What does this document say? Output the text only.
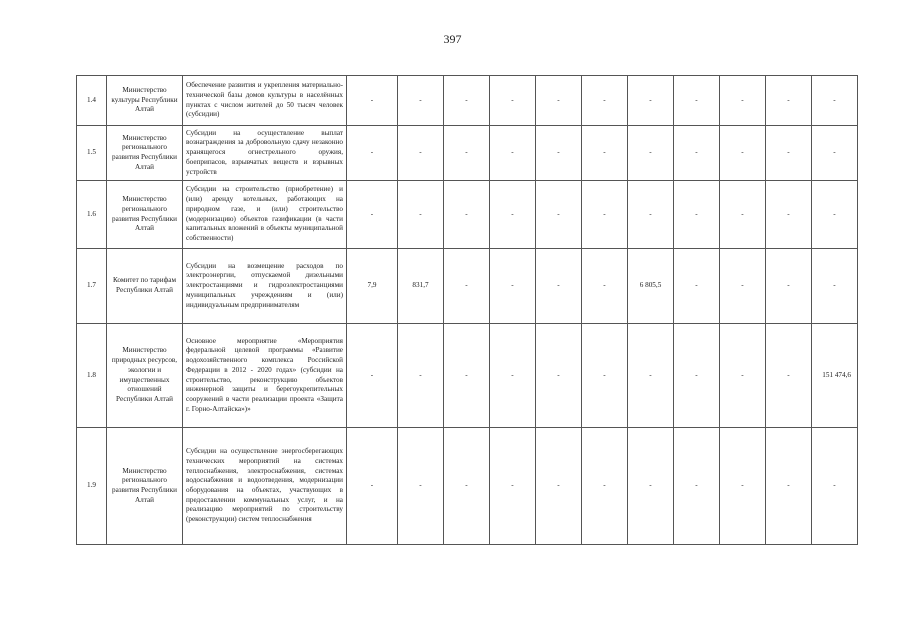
397
1.4	Министерство культуры Республики Алтай	Обеспечение развития и укрепления материально-технической базы домов культуры в населённых пунктах с числом жителей до 50 тысяч человек (субсидии)	-	-	-	-	-	-	-	-	-	-	-
1.5	Министерство регионального развития Республики Алтай	Субсидии на осуществление выплат вознаграждения за добровольную сдачу незаконно хранящегося огнестрельного оружия, боеприпасов, взрывчатых веществ и взрывных устройств	-	-	-	-	-	-	-	-	-	-	-
1.6	Министерство регионального развития Республики Алтай	Субсидии на строительство (приобретение) и (или) аренду котельных, работающих на природном газе, и (или) строительство (модернизацию) объектов газификации (в части капитальных вложений в объекты муниципальной собственности)	-	-	-	-	-	-	-	-	-	-	-
1.7	Комитет по тарифам Республики Алтай	Субсидии на возмещение расходов по электроэнергии, отпускаемой дизельными электростанциями и гидроэлектростанциями муниципальных учреждениям и (или) индивидуальным предпринимателям	7,9	831,7	-	-	-	-	6 805,5	-	-	-	-
1.8	Министерство природных ресурсов, экологии и имущественных отношений Республики Алтай	Основное мероприятие «Мероприятия федеральной целевой программы «Развитие водохозяйственного комплекса Российской Федерации в 2012 - 2020 годах» (субсидии на строительство, реконструкцию объектов инженерной защиты и берегоукрепительных сооружений в части реализации проекта «Защита г. Горно-Алтайска»)»	-	-	-	-	-	-	-	-	-	-	151 474,6
1.9	Министерство регионального развития Республики Алтай	Субсидии на осуществление энергосберегающих технических мероприятий на системах теплоснабжения, электроснабжения, системах водоснабжения и водоотведения, модернизации оборудования на объектах, участвующих в предоставлении коммунальных услуг, и на реализацию мероприятий по строительству (реконструкции) систем теплоснабжения	-	-	-	-	-	-	-	-	-	-	-
